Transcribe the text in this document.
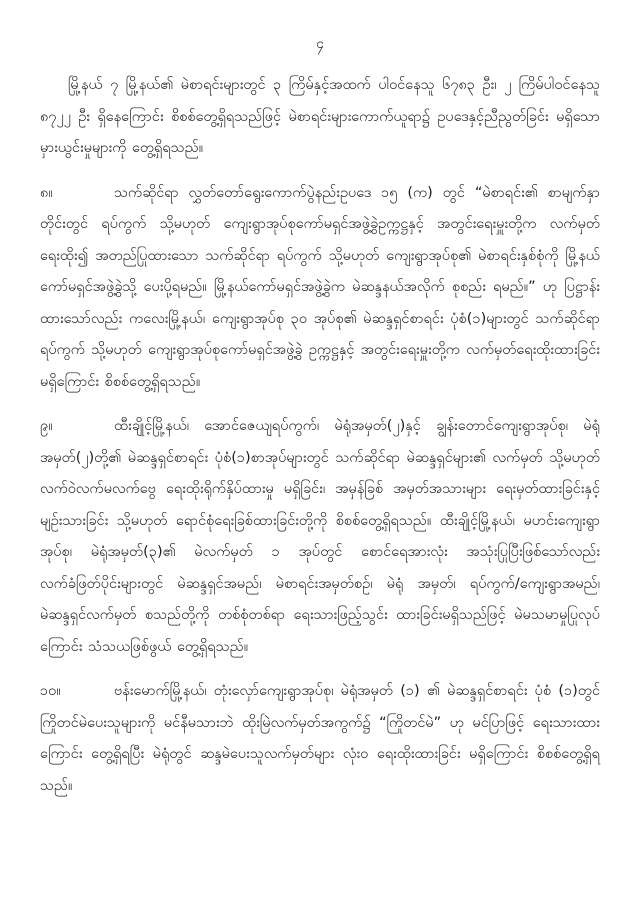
၄

မြို့နယ် ၇ မြို့နယ်၏ မဲစာရင်းများတွင် ၃ ကြိမ်နှင့်အထက် ပါဝင်နေသူ ၆၇၈၃ ဦး၊ ၂ ကြိမ်ပါဝင်နေသူ ၈၇၂၂ ဦး ရှိနေကြောင်း စိစစ်တွေ့ရှိရသည်ဖြင့် မဲစာရင်းများကောက်ယူရာ၌ ဥပဒေနှင့်ညီညွတ်ခြင်း မရှိသော မှားယွင်းမှုများကို တွေ့ရှိရသည်။

၈။	သက်ဆိုင်ရာ လွှတ်တော်ရွေးကောက်ပွဲနည်းဥပဒေ ၁၅ (က) တွင် “မဲစာရင်း၏ စာမျက်နှာ တိုင်းတွင် ရပ်ကွက် သို့မဟုတ် ကျေးရွာအုပ်စုကော်မရှင်အဖွဲ့ခွဲဥက္ကဋ္ဌနှင့် အတွင်းရေးမှူးတို့က လက်မှတ် ရေးထိုး၍ အတည်ပြုထားသော သက်ဆိုင်ရာ ရပ်ကွက် သို့မဟုတ် ကျေးရွာအုပ်စု၏ မဲစာရင်းနှစ်စုံကို မြို့နယ်ကော်မရှင်အဖွဲ့ခွဲသို့ ပေးပို့ရမည်။ မြို့နယ်ကော်မရှင်အဖွဲ့ခွဲက မဲဆန္ဒနယ်အလိုက် စုစည်း ရမည်။” ဟု ပြဋ္ဌာန်းထားသော်လည်း ကလေးမြို့နယ်၊ ကျေးရွာအုပ်စု ၃၀ အုပ်စု၏ မဲဆန္ဒရှင်စာရင်း ပုံစံ(၁)များတွင် သက်ဆိုင်ရာ ရပ်ကွက် သို့မဟုတ် ကျေးရွာအုပ်စုကော်မရှင်အဖွဲ့ခွဲ ဥက္ကဋ္ဌနှင့် အတွင်းရေးမှူးတို့က လက်မှတ်ရေးထိုးထားခြင်းမရှိကြောင်း စိစစ်တွေ့ရှိရသည်။

၉။	ထီးချိုင့်မြို့နယ်၊ အောင်ဇေယျရပ်ကွက်၊ မဲရုံအမှတ်(၂)နှင့် ချွန်းတောင်ကျေးရွာအုပ်စု၊ မဲရုံ အမှတ်(၂)တို့၏ မဲဆန္ဒရှင်စာရင်း ပုံစံ(၁)စာအုပ်များတွင် သက်ဆိုင်ရာ မဲဆန္ဒရှင်များ၏ လက်မှတ် သို့မဟုတ် လက်ဝဲလက်မလက်ဗွေ ရေးထိုးရိုက်နှိပ်ထားမှု မရှိခြင်း၊ အမှန်ခြစ် အမှတ်အသားများ ရေးမှတ်ထားခြင်းနှင့် မျဉ်းသားခြင်း သို့မဟုတ် ရောင်စုံရေးခြစ်ထားခြင်းတို့ကို စိစစ်တွေ့ရှိရသည်။ ထီးချိုင့်မြို့နယ်၊ မဟင်းကျေးရွာအုပ်စု၊ မဲရုံအမှတ်(၃)၏ မဲလက်မှတ် ၁ အုပ်တွင် စောင်ရေအားလုံး အသုံးပြုပြီးဖြစ်သော်လည်း လက်ခံဖြတ်ပိုင်းများတွင် မဲဆန္ဒရှင်အမည်၊ မဲစာရင်းအမှတ်စဉ်၊ မဲရုံ အမှတ်၊ ရပ်ကွက်/ကျေးရွာအမည်၊ မဲဆန္ဒရှင်လက်မှတ် စသည်တို့ကို တစ်စုံတစ်ရာ ရေးသားဖြည့်သွင်း ထားခြင်းမရှိသည်ဖြင့် မဲမသမာမှုပြုလုပ်ကြောင်း သံသယဖြစ်ဖွယ် တွေ့ရှိရသည်။

၁၀။	ဗန်းမောက်မြို့နယ်၊ တုံးလှော်ကျေးရွာအုပ်စု၊ မဲရုံအမှတ် (၁) ၏ မဲဆန္ဒရှင်စာရင်း ပုံစံ (၁)တွင် ကြိုတင်မဲပေးသူများကို မင်နီမသားဘဲ ထိုးမြဲလက်မှတ်အကွက်၌ “ကြိုတင်မဲ” ဟု မင်ပြာဖြင့် ရေးသားထားကြောင်း တွေ့ရှိရပြီး မဲရုံတွင် ဆန္ဒမဲပေးသူလက်မှတ်များ လုံးဝ ရေးထိုးထားခြင်း မရှိကြောင်း စိစစ်တွေ့ရှိရသည်။
